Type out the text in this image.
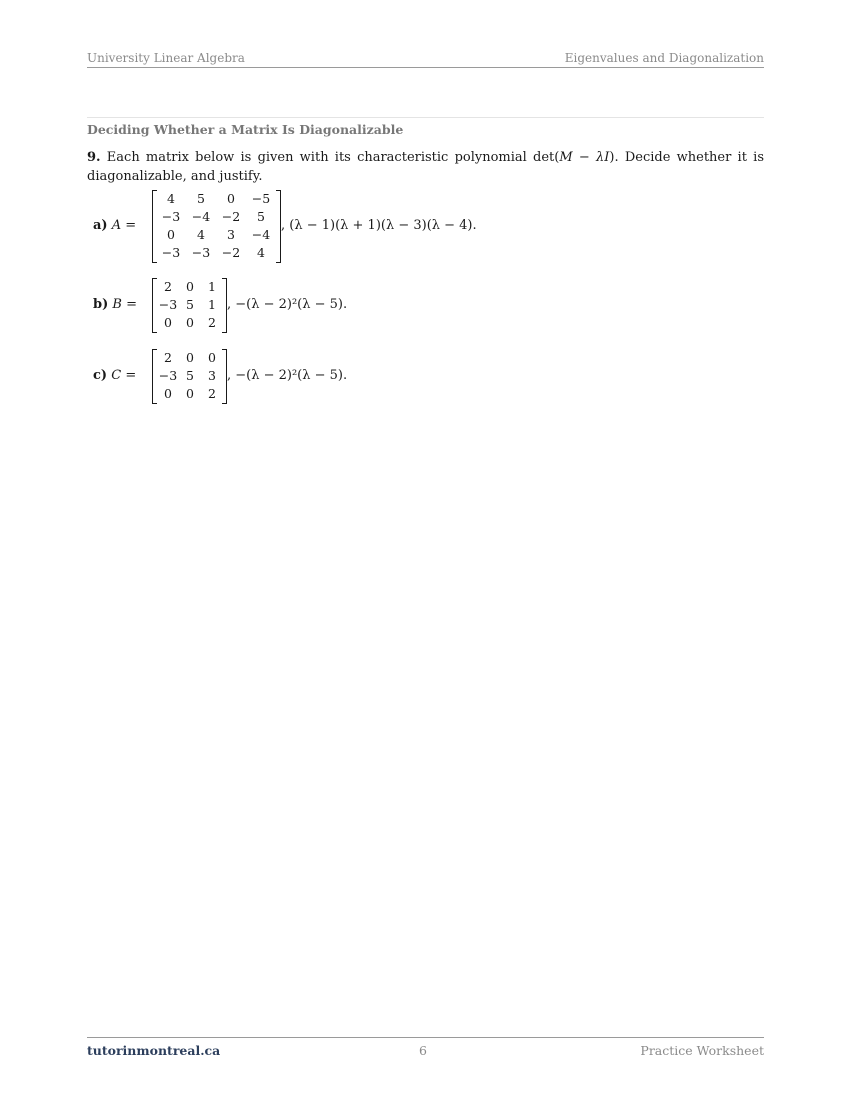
University Linear Algebra	Eigenvalues and Diagonalization
Deciding Whether a Matrix Is Diagonalizable
9. Each matrix below is given with its characteristic polynomial det(M − λI). Decide whether it is diagonalizable, and justify.
a) A =
4	5	0	−5
−3	−4	−2	5
0	4	3	−4
−3	−3	−2	4
, (λ − 1)(λ + 1)(λ − 3)(λ − 4).
b) B =
2	0	1
−3	5	1
0	0	2
, −(λ − 2)²(λ − 5).
c) C =
2	0	0
−3	5	3
0	0	2
, −(λ − 2)²(λ − 5).
tutorinmontreal.ca	6	Practice Worksheet
